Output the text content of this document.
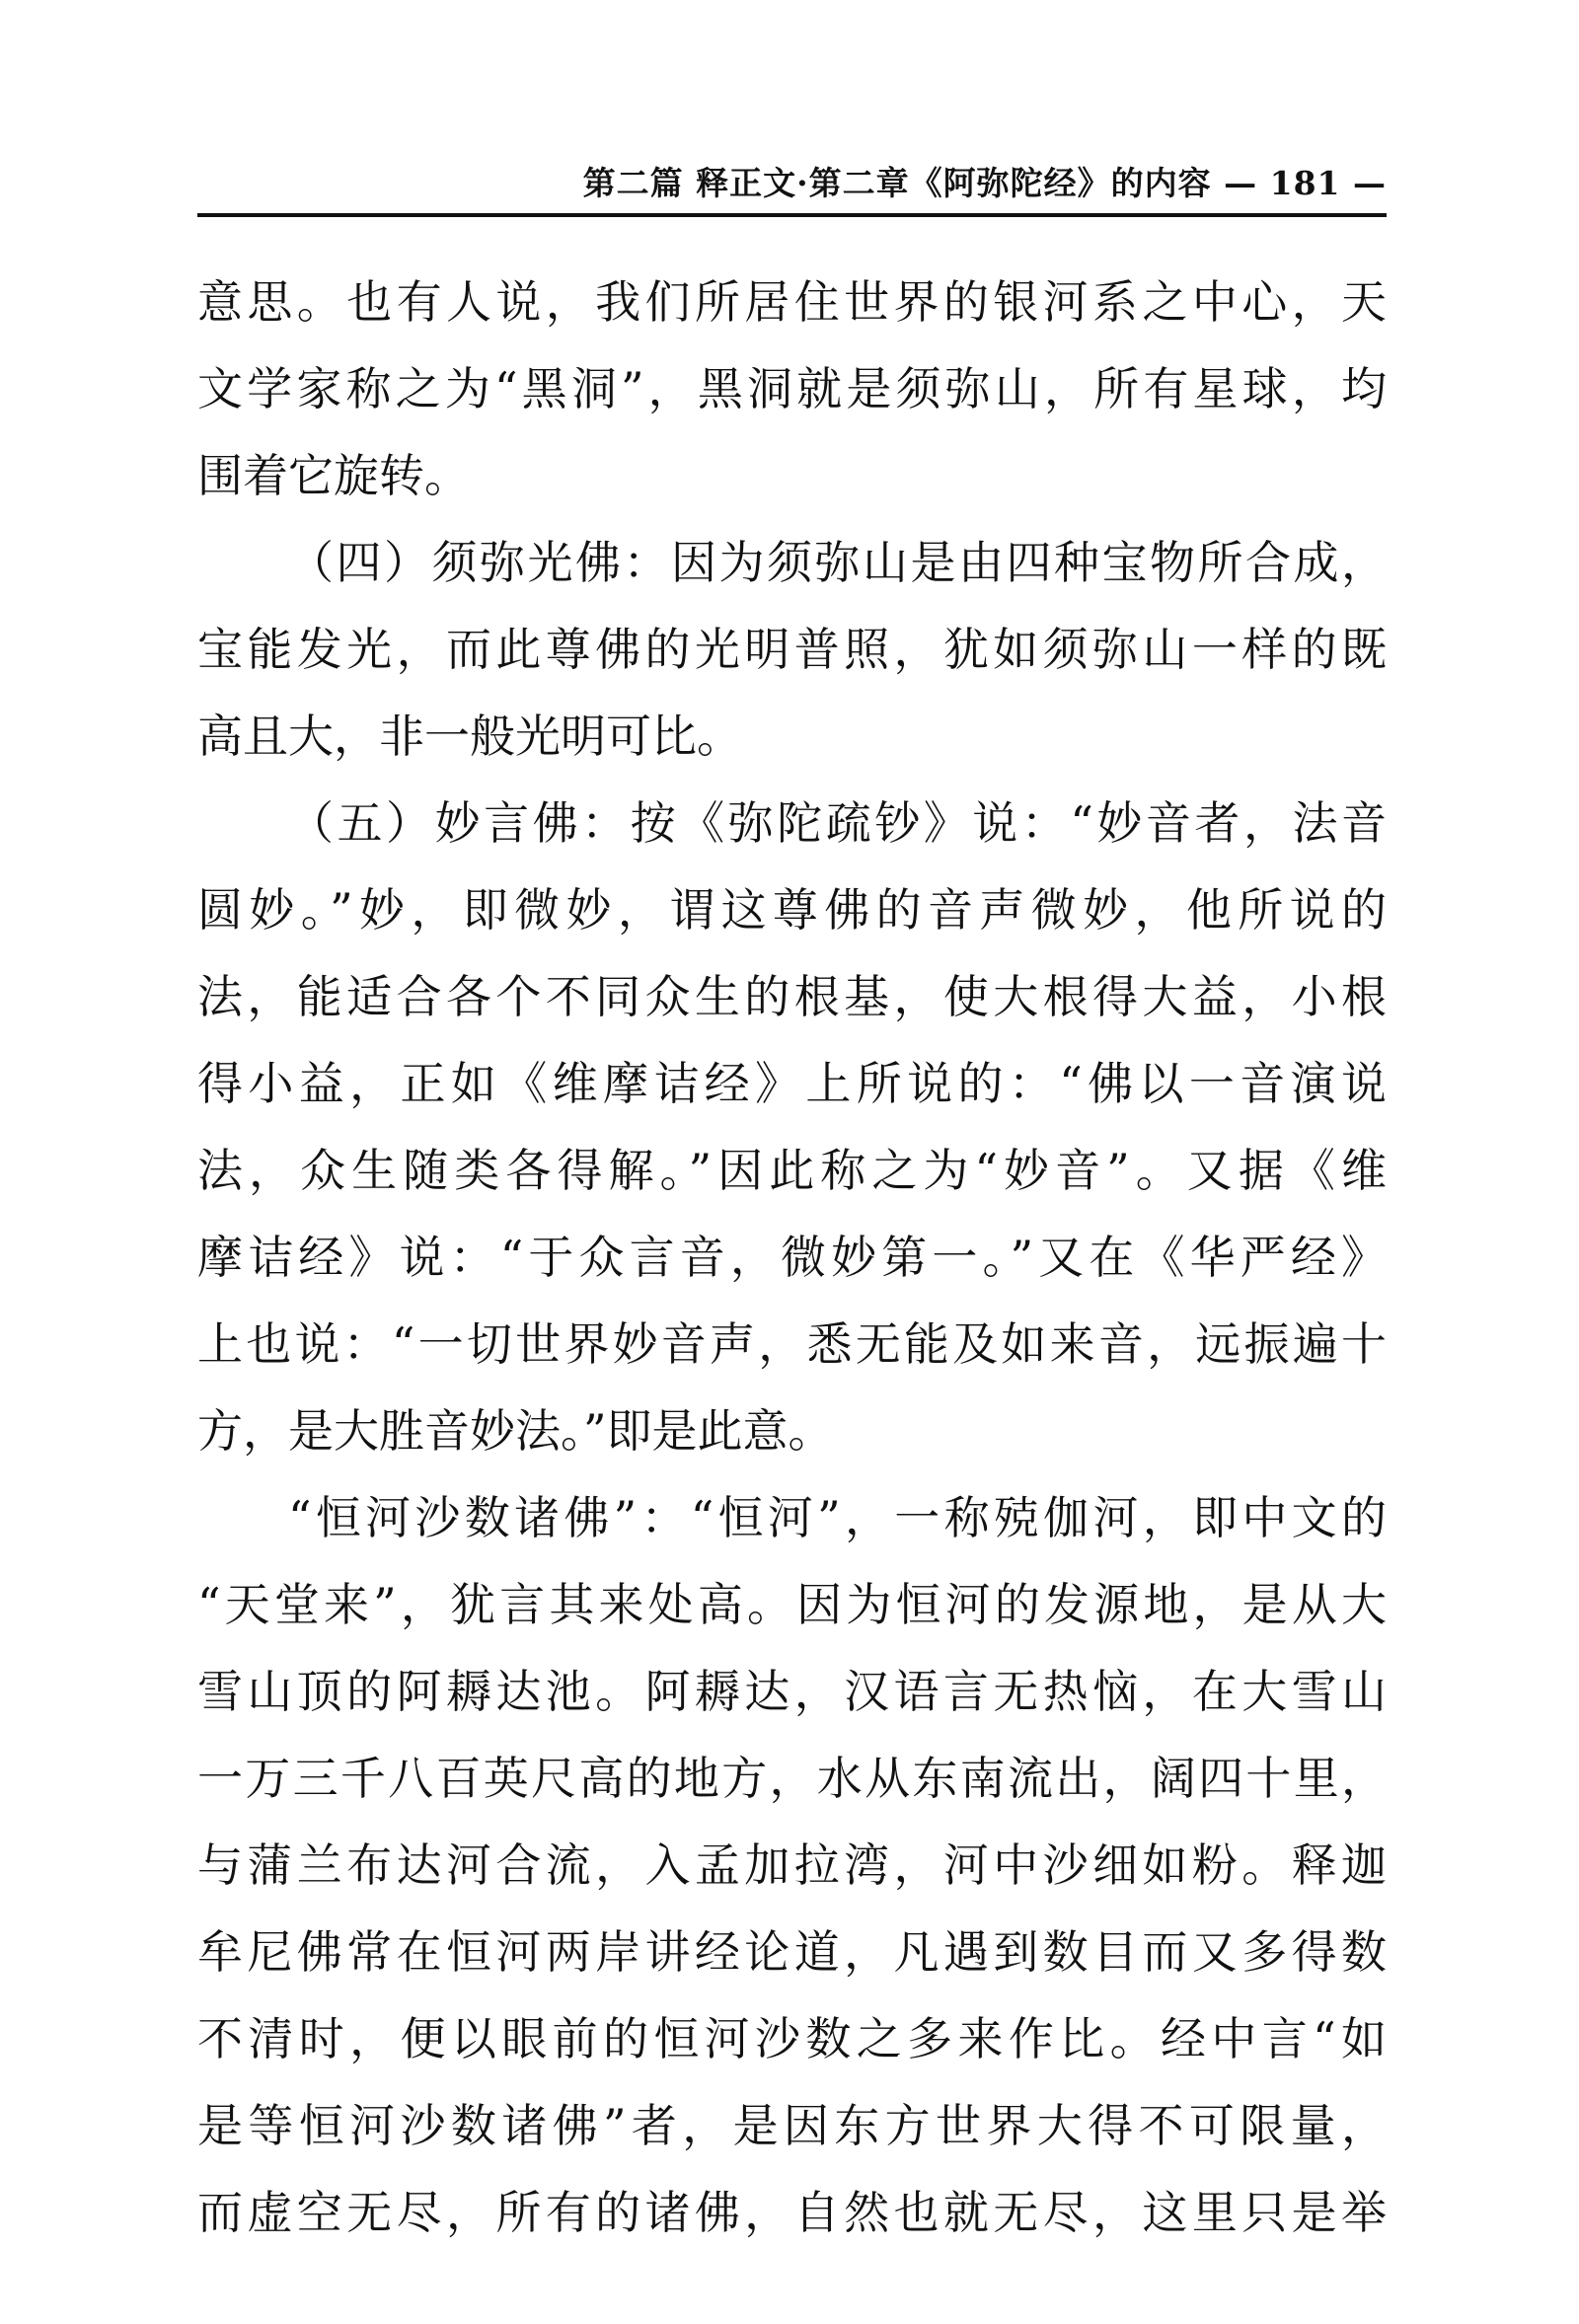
第二篇 释正文·第二章《阿弥陀经》的内容 — 181 —
意思。也有人说，我们所居住世界的银河系之中心，天
文学家称之为“黑洞”，黑洞就是须弥山，所有星球，均
围着它旋转。
（四）须弥光佛：因为须弥山是由四种宝物所合成，
宝能发光，而此尊佛的光明普照，犹如须弥山一样的既
高且大，非一般光明可比。
（五）妙言佛：按《弥陀疏钞》说：“妙音者，法音
圆妙。”妙，即微妙，谓这尊佛的音声微妙，他所说的
法，能适合各个不同众生的根基，使大根得大益，小根
得小益，正如《维摩诘经》上所说的：“佛以一音演说
法，众生随类各得解。”因此称之为“妙音”。又据《维
摩诘经》说：“于众言音，微妙第一。”又在《华严经》
上也说：“一切世界妙音声，悉无能及如来音，远振遍十
方，是大胜音妙法。”即是此意。
“恒河沙数诸佛”：“恒河”，一称殑伽河，即中文的
“天堂来”，犹言其来处高。因为恒河的发源地，是从大
雪山顶的阿耨达池。阿耨达，汉语言无热恼，在大雪山
一万三千八百英尺高的地方，水从东南流出，阔四十里，
与蒲兰布达河合流，入孟加拉湾，河中沙细如粉。释迦
牟尼佛常在恒河两岸讲经论道，凡遇到数目而又多得数
不清时，便以眼前的恒河沙数之多来作比。经中言“如
是等恒河沙数诸佛”者，是因东方世界大得不可限量，
而虚空无尽，所有的诸佛，自然也就无尽，这里只是举
